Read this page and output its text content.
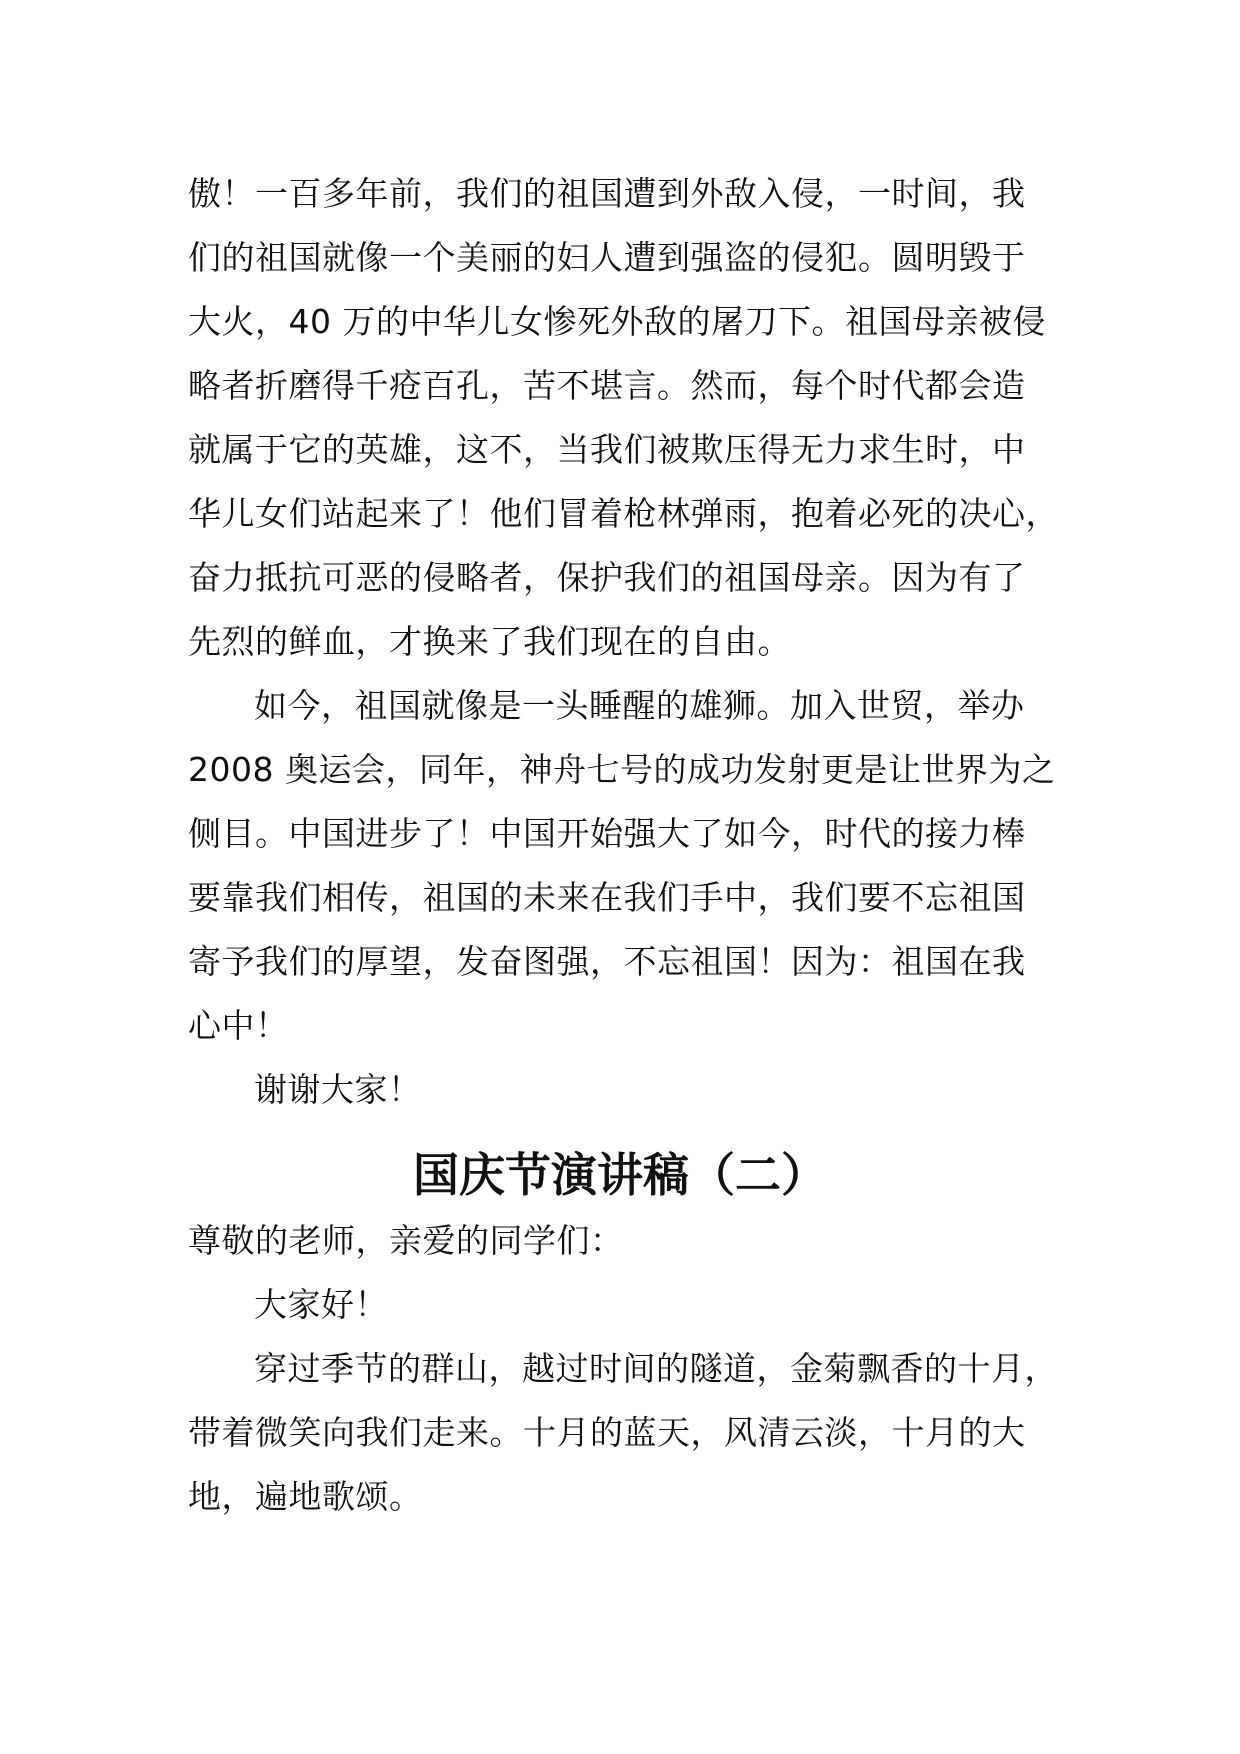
傲！一百多年前，我们的祖国遭到外敌入侵，一时间，我
们的祖国就像一个美丽的妇人遭到强盗的侵犯。圆明毁于
大火，40 万的中华儿女惨死外敌的屠刀下。祖国母亲被侵
略者折磨得千疮百孔，苦不堪言。然而，每个时代都会造
就属于它的英雄，这不，当我们被欺压得无力求生时，中
华儿女们站起来了！他们冒着枪林弹雨，抱着必死的决心，
奋力抵抗可恶的侵略者，保护我们的祖国母亲。因为有了
先烈的鲜血，才换来了我们现在的自由。
如今，祖国就像是一头睡醒的雄狮。加入世贸，举办
2008 奥运会，同年，神舟七号的成功发射更是让世界为之
侧目。中国进步了！中国开始强大了如今，时代的接力棒
要靠我们相传，祖国的未来在我们手中，我们要不忘祖国
寄予我们的厚望，发奋图强，不忘祖国！因为：祖国在我
心中！
谢谢大家！
国庆节演讲稿（二）
尊敬的老师，亲爱的同学们：
大家好！
穿过季节的群山，越过时间的隧道，金菊飘香的十月，
带着微笑向我们走来。十月的蓝天，风清云淡，十月的大
地，遍地歌颂。
